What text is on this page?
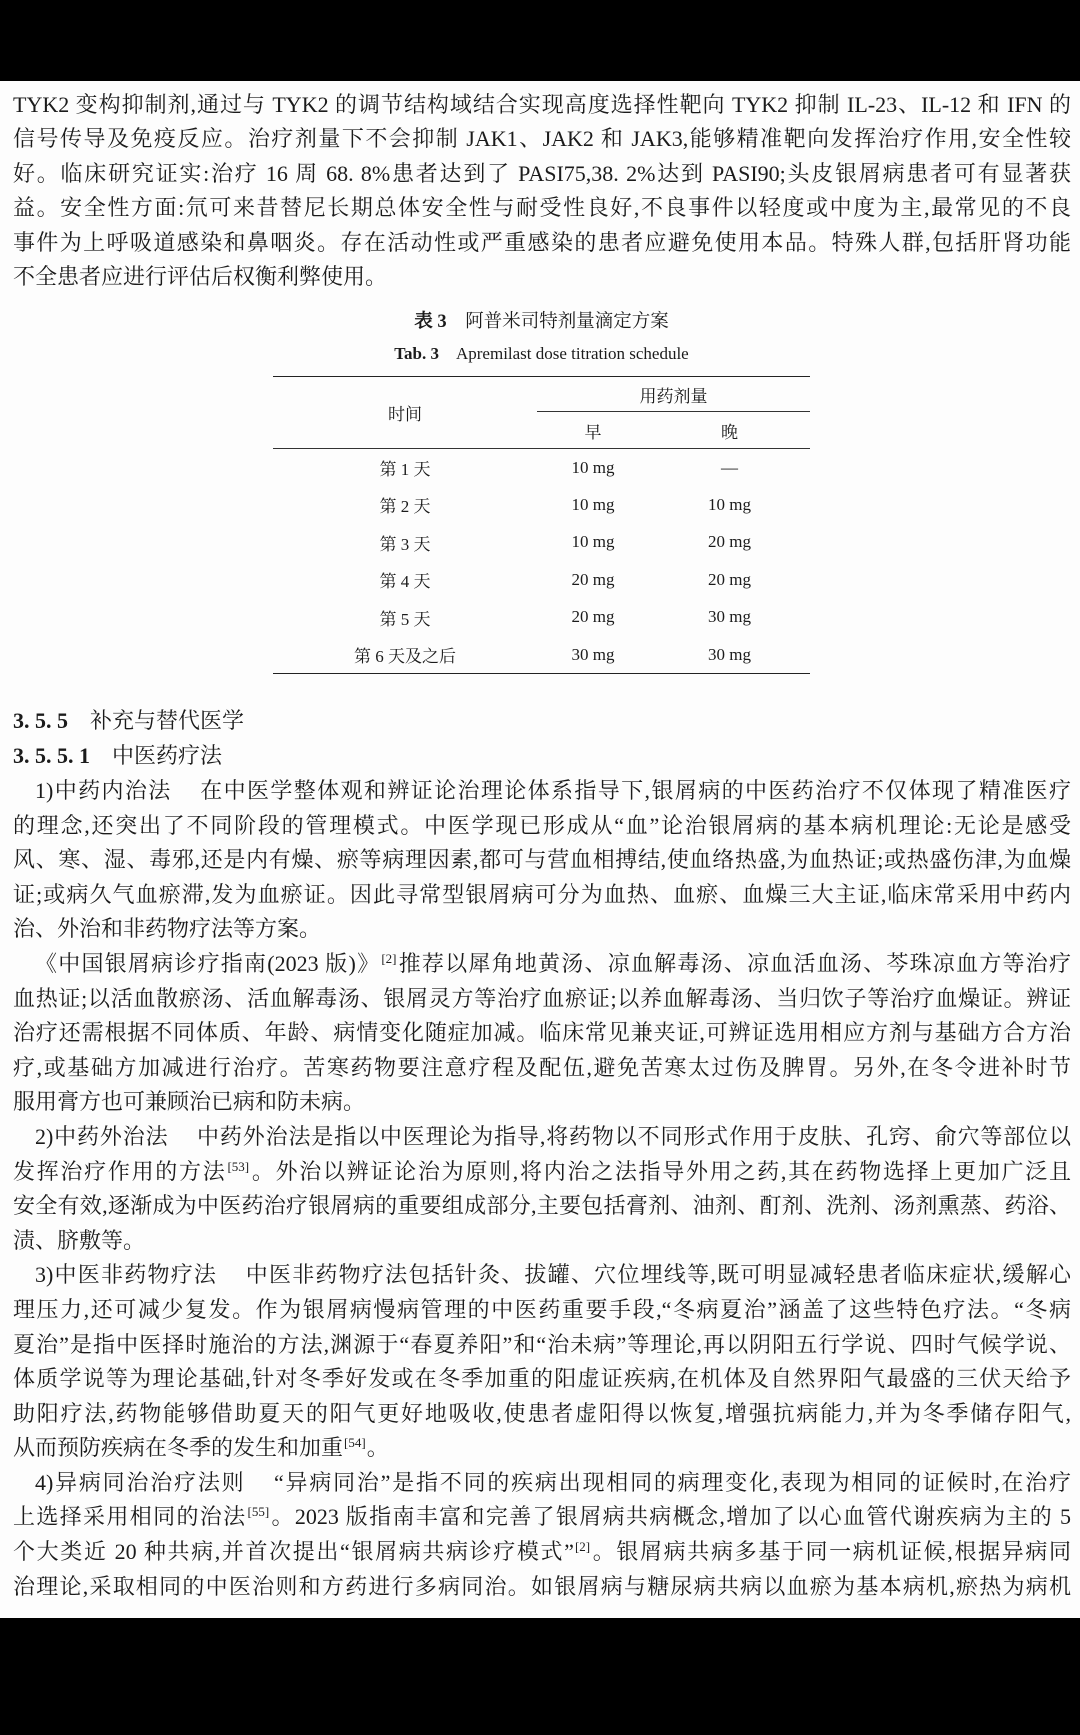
TYK2 变构抑制剂,通过与 TYK2 的调节结构域结合实现高度选择性靶向 TYK2 抑制 IL-23、IL-12 和 IFN 的
信号传导及免疫反应。治疗剂量下不会抑制 JAK1、JAK2 和 JAK3,能够精准靶向发挥治疗作用,安全性较
好。临床研究证实:治疗 16 周 68. 8%患者达到了 PASI75,38. 2%达到 PASI90;头皮银屑病患者可有显著获
益。安全性方面:氘可来昔替尼长期总体安全性与耐受性良好,不良事件以轻度或中度为主,最常见的不良
事件为上呼吸道感染和鼻咽炎。存在活动性或严重感染的患者应避免使用本品。特殊人群,包括肝肾功能
不全患者应进行评估后权衡利弊使用。
表 3 阿普米司特剂量滴定方案
Tab. 3 Apremilast dose titration schedule
时间	用药剂量	
	早	晚
第 1 天	10 mg	—
第 2 天	10 mg	10 mg
第 3 天	10 mg	20 mg
第 4 天	20 mg	20 mg
第 5 天	20 mg	30 mg
第 6 天及之后	30 mg	30 mg
3. 5. 5 补充与替代医学
3. 5. 5. 1 中医药疗法
1)中药内治法 在中医学整体观和辨证论治理论体系指导下,银屑病的中医药治疗不仅体现了精准医疗
的理念,还突出了不同阶段的管理模式。中医学现已形成从“血”论治银屑病的基本病机理论:无论是感受
风、寒、湿、毒邪,还是内有燥、瘀等病理因素,都可与营血相搏结,使血络热盛,为血热证;或热盛伤津,为血燥
证;或病久气血瘀滞,发为血瘀证。因此寻常型银屑病可分为血热、血瘀、血燥三大主证,临床常采用中药内
治、外治和非药物疗法等方案。
《中国银屑病诊疗指南(2023 版)》[2]推荐以犀角地黄汤、凉血解毒汤、凉血活血汤、芩珠凉血方等治疗
血热证;以活血散瘀汤、活血解毒汤、银屑灵方等治疗血瘀证;以养血解毒汤、当归饮子等治疗血燥证。辨证
治疗还需根据不同体质、年龄、病情变化随症加减。临床常见兼夹证,可辨证选用相应方剂与基础方合方治
疗,或基础方加减进行治疗。苦寒药物要注意疗程及配伍,避免苦寒太过伤及脾胃。另外,在冬令进补时节
服用膏方也可兼顾治已病和防未病。
2)中药外治法 中药外治法是指以中医理论为指导,将药物以不同形式作用于皮肤、孔窍、俞穴等部位以
发挥治疗作用的方法[53]。外治以辨证论治为原则,将内治之法指导外用之药,其在药物选择上更加广泛且
安全有效,逐渐成为中医药治疗银屑病的重要组成部分,主要包括膏剂、油剂、酊剂、洗剂、汤剂熏蒸、药浴、
渍、脐敷等。
3)中医非药物疗法 中医非药物疗法包括针灸、拔罐、穴位埋线等,既可明显减轻患者临床症状,缓解心
理压力,还可减少复发。作为银屑病慢病管理的中医药重要手段,“冬病夏治”涵盖了这些特色疗法。“冬病
夏治”是指中医择时施治的方法,渊源于“春夏养阳”和“治未病”等理论,再以阴阳五行学说、四时气候学说、
体质学说等为理论基础,针对冬季好发或在冬季加重的阳虚证疾病,在机体及自然界阳气最盛的三伏天给予
助阳疗法,药物能够借助夏天的阳气更好地吸收,使患者虚阳得以恢复,增强抗病能力,并为冬季储存阳气,
从而预防疾病在冬季的发生和加重[54]。
4)异病同治治疗法则 “异病同治”是指不同的疾病出现相同的病理变化,表现为相同的证候时,在治疗
上选择采用相同的治法[55]。2023 版指南丰富和完善了银屑病共病概念,增加了以心血管代谢疾病为主的 5
个大类近 20 种共病,并首次提出“银屑病共病诊疗模式”[2]。银屑病共病多基于同一病机证候,根据异病同
治理论,采取相同的中医治则和方药进行多病同治。如银屑病与糖尿病共病以血瘀为基本病机,瘀热为病机
